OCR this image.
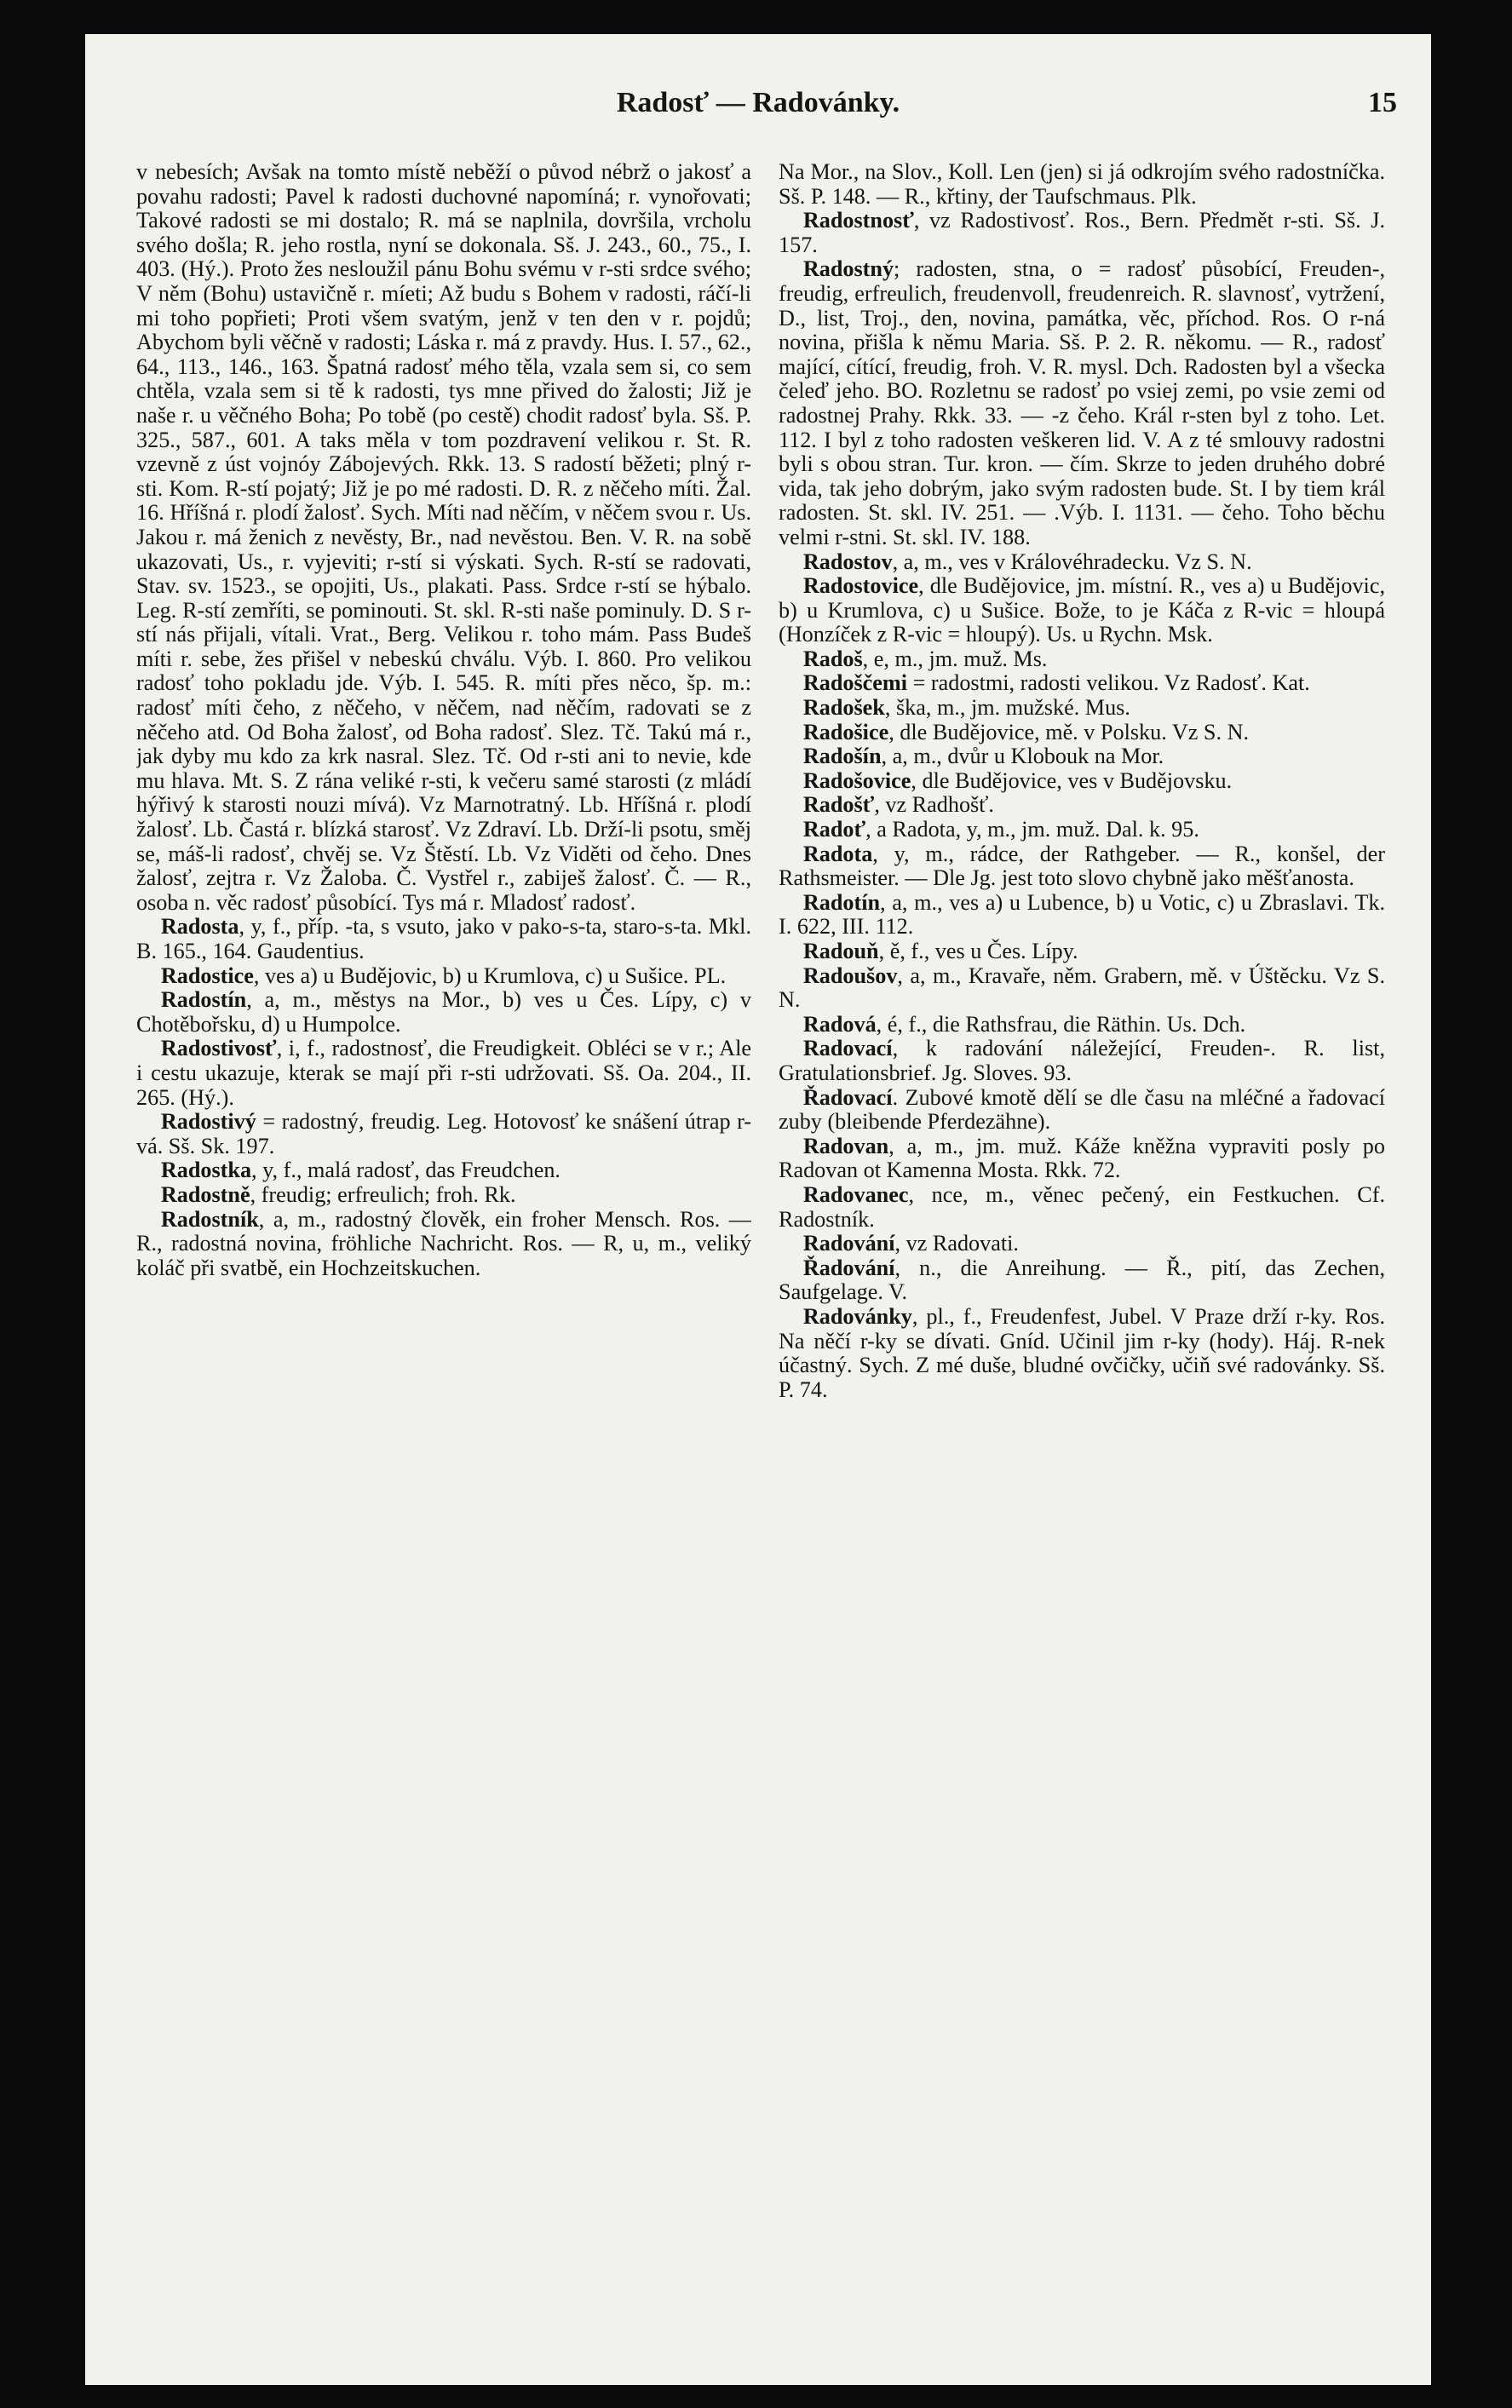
Radosť — Radovánky.	15

v nebesích; Avšak na tomto místě neběží o původ nébrž o jakosť a povahu radosti; Pavel k radosti duchovné napomíná; r. vynořovati; Takové radosti se mi dostalo; R. má se naplnila, dovršila, vrcholu svého došla; R. jeho rostla, nyní se dokonala. Sš. J. 243., 60., 75., I. 403. (Hý.). Proto žes nesloužil pánu Bohu svému v r-sti srdce svého; V něm (Bohu) ustavičně r. míeti; Až budu s Bohem v radosti, ráčí-li mi toho popřieti; Proti všem svatým, jenž v ten den v r. pojdů; Abychom byli věčně v radosti; Láska r. má z pravdy. Hus. I. 57., 62., 64., 113., 146., 163. Špatná radosť mého těla, vzala sem si, co sem chtěla, vzala sem si tě k radosti, tys mne přived do žalosti; Již je naše r. u věčného Boha; Po tobě (po cestě) chodit radosť byla. Sš. P. 325., 587., 601. A taks měla v tom pozdravení velikou r. St. R. vzevně z úst vojnóy Zábojevých. Rkk. 13. S radostí běžeti; plný r-sti. Kom. R-stí pojatý; Již je po mé radosti. D. R. z něčeho míti. Žal. 16. Hříšná r. plodí žalosť. Sych. Míti nad něčím, v něčem svou r. Us. Jakou r. má ženich z nevěsty, Br., nad nevěstou. Ben. V. R. na sobě ukazovati, Us., r. vyjeviti; r-stí si výskati. Sych. R-stí se radovati, Stav. sv. 1523., se opojiti, Us., plakati. Pass. Srdce r-stí se hýbalo. Leg. R-stí zemříti, se pominouti. St. skl. R-sti naše pominuly. D. S r-stí nás přijali, vítali. Vrat., Berg. Velikou r. toho mám. Pass Budeš míti r. sebe, žes přišel v nebeskú chválu. Výb. I. 860. Pro velikou radosť toho pokladu jde. Výb. I. 545. R. míti přes něco, šp. m.: radosť míti čeho, z něčeho, v něčem, nad něčím, radovati se z něčeho atd. Od Boha žalosť, od Boha radosť. Slez. Tč. Takú má r., jak dyby mu kdo za krk nasral. Slez. Tč. Od r-sti ani to nevie, kde mu hlava. Mt. S. Z rána veliké r-sti, k večeru samé starosti (z mládí hýřivý k starosti nouzi mívá). Vz Marnotratný. Lb. Hříšná r. plodí žalosť. Lb. Častá r. blízká starosť. Vz Zdraví. Lb. Drží-li psotu, směj se, máš-li radosť, chvěj se. Vz Štěstí. Lb. Vz Viděti od čeho. Dnes žalosť, zejtra r. Vz Žaloba. Č. Vystřel r., zabiješ žalosť. Č. — R., osoba n. věc radosť působící. Tys má r. Mladosť radosť.

Radosta, y, f., příp. -ta, s vsuto, jako v pako-s-ta, staro-s-ta. Mkl. B. 165., 164. Gaudentius.

Radostice, ves a) u Budějovic, b) u Krumlova, c) u Sušice. PL.

Radostín, a, m., městys na Mor., b) ves u Čes. Lípy, c) v Chotěbořsku, d) u Humpolce.

Radostivosť, i, f., radostnosť, die Freudigkeit. Obléci se v r.; Ale i cestu ukazuje, kterak se mají při r-sti udržovati. Sš. Oa. 204., II. 265. (Hý.).

Radostivý = radostný, freudig. Leg. Hotovosť ke snášení útrap r-vá. Sš. Sk. 197.

Radostka, y, f., malá radosť, das Freudchen.

Radostně, freudig; erfreulich; froh. Rk.

Radostník, a, m., radostný člověk, ein froher Mensch. Ros. — R., radostná novina, fröhliche Nachricht. Ros. — R, u, m., veliký koláč při svatbě, ein Hochzeitskuchen.

Na Mor., na Slov., Koll. Len (jen) si já odkrojím svého radostníčka. Sš. P. 148. — R., křtiny, der Taufschmaus. Plk.

Radostnosť, vz Radostivosť. Ros., Bern. Předmět r-sti. Sš. J. 157.

Radostný; radosten, stna, o = radosť působící, Freuden-, freudig, erfreulich, freudenvoll, freudenreich. R. slavnosť, vytržení, D., list, Troj., den, novina, památka, věc, příchod. Ros. O r-ná novina, přišla k němu Maria. Sš. P. 2. R. někomu. — R., radosť mající, cítící, freudig, froh. V. R. mysl. Dch. Radosten byl a všecka čeleď jeho. BO. Rozletnu se radosť po vsiej zemi, po vsie zemi od radostnej Prahy. Rkk. 33. — -z čeho. Král r-sten byl z toho. Let. 112. I byl z toho radosten veškeren lid. V. A z té smlouvy radostni byli s obou stran. Tur. kron. — čím. Skrze to jeden druhého dobré vida, tak jeho dobrým, jako svým radosten bude. St. I by tiem král radosten. St. skl. IV. 251. — .Výb. I. 1131. — čeho. Toho běchu velmi r-stni. St. skl. IV. 188.

Radostov, a, m., ves v Královéhradecku. Vz S. N.

Radostovice, dle Budějovice, jm. místní. R., ves a) u Budějovic, b) u Krumlova, c) u Sušice. Bože, to je Káča z R-vic = hloupá (Honzíček z R-vic = hloupý). Us. u Rychn. Msk.

Radoš, e, m., jm. muž. Ms.

Radoščemi = radostmi, radosti velikou. Vz Radosť. Kat.

Radošek, ška, m., jm. mužské. Mus.

Radošice, dle Budějovice, mě. v Polsku. Vz S. N.

Radošín, a, m., dvůr u Klobouk na Mor.

Radošovice, dle Budějovice, ves v Budějovsku.

Radošť, vz Radhošť.

Radoť, a Radota, y, m., jm. muž. Dal. k. 95.

Radota, y, m., rádce, der Rathgeber. — R., konšel, der Rathsmeister. — Dle Jg. jest toto slovo chybně jako měšťanosta.

Radotín, a, m., ves a) u Lubence, b) u Votic, c) u Zbraslavi. Tk. I. 622, III. 112.

Radouň, ě, f., ves u Čes. Lípy.

Radoušov, a, m., Kravaře, něm. Grabern, mě. v Úštěcku. Vz S. N.

Radová, é, f., die Rathsfrau, die Räthin. Us. Dch.

Radovací, k radování náležející, Freuden-. R. list, Gratulationsbrief. Jg. Sloves. 93.

Řadovací. Zubové kmotě dělí se dle času na mléčné a řadovací zuby (bleibende Pferdezähne).

Radovan, a, m., jm. muž. Káže kněžna vypraviti posly po Radovan ot Kamenna Mosta. Rkk. 72.

Radovanec, nce, m., věnec pečený, ein Festkuchen. Cf. Radostník.

Radování, vz Radovati.

Řadování, n., die Anreihung. — Ř., pití, das Zechen, Saufgelage. V.

Radovánky, pl., f., Freudenfest, Jubel. V Praze drží r-ky. Ros. Na něčí r-ky se dívati. Gníd. Učinil jim r-ky (hody). Háj. R-nek účastný. Sych. Z mé duše, bludné ovčičky, učiň své radovánky. Sš. P. 74.
